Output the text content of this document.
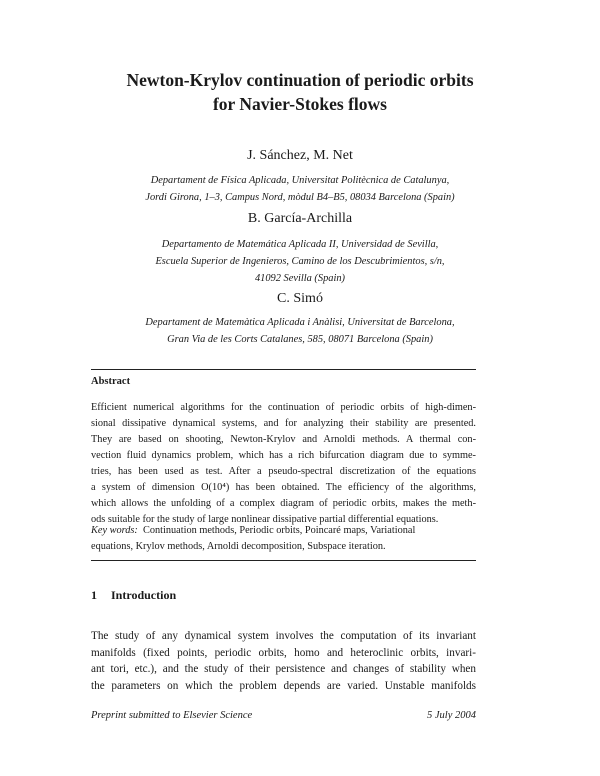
Newton-Krylov continuation of periodic orbits
for Navier-Stokes flows
J. Sánchez, M. Net
Departament de Física Aplicada, Universitat Politècnica de Catalunya,
Jordi Girona, 1–3, Campus Nord, mòdul B4–B5, 08034 Barcelona (Spain)
B. García-Archilla
Departamento de Matemática Aplicada II, Universidad de Sevilla,
Escuela Superior de Ingenieros, Camino de los Descubrimientos, s/n,
41092 Sevilla (Spain)
C. Simó
Departament de Matemàtica Aplicada i Anàlisi, Universitat de Barcelona,
Gran Via de les Corts Catalanes, 585, 08071 Barcelona (Spain)
Abstract
Efficient numerical algorithms for the continuation of periodic orbits of high-dimen-
sional dissipative dynamical systems, and for analyzing their stability are presented.
They are based on shooting, Newton-Krylov and Arnoldi methods. A thermal con-
vection fluid dynamics problem, which has a rich bifurcation diagram due to symme-
tries, has been used as test. After a pseudo-spectral discretization of the equations
a system of dimension O(10⁴) has been obtained. The efficiency of the algorithms,
which allows the unfolding of a complex diagram of periodic orbits, makes the meth-
ods suitable for the study of large nonlinear dissipative partial differential equations.
Key words: Continuation methods, Periodic orbits, Poincaré maps, Variational
equations, Krylov methods, Arnoldi decomposition, Subspace iteration.
1 Introduction
The study of any dynamical system involves the computation of its invariant
manifolds (fixed points, periodic orbits, homo and heteroclinic orbits, invari-
ant tori, etc.), and the study of their persistence and changes of stability when
the parameters on which the problem depends are varied. Unstable manifolds
Preprint submitted to Elsevier Science	5 July 2004
